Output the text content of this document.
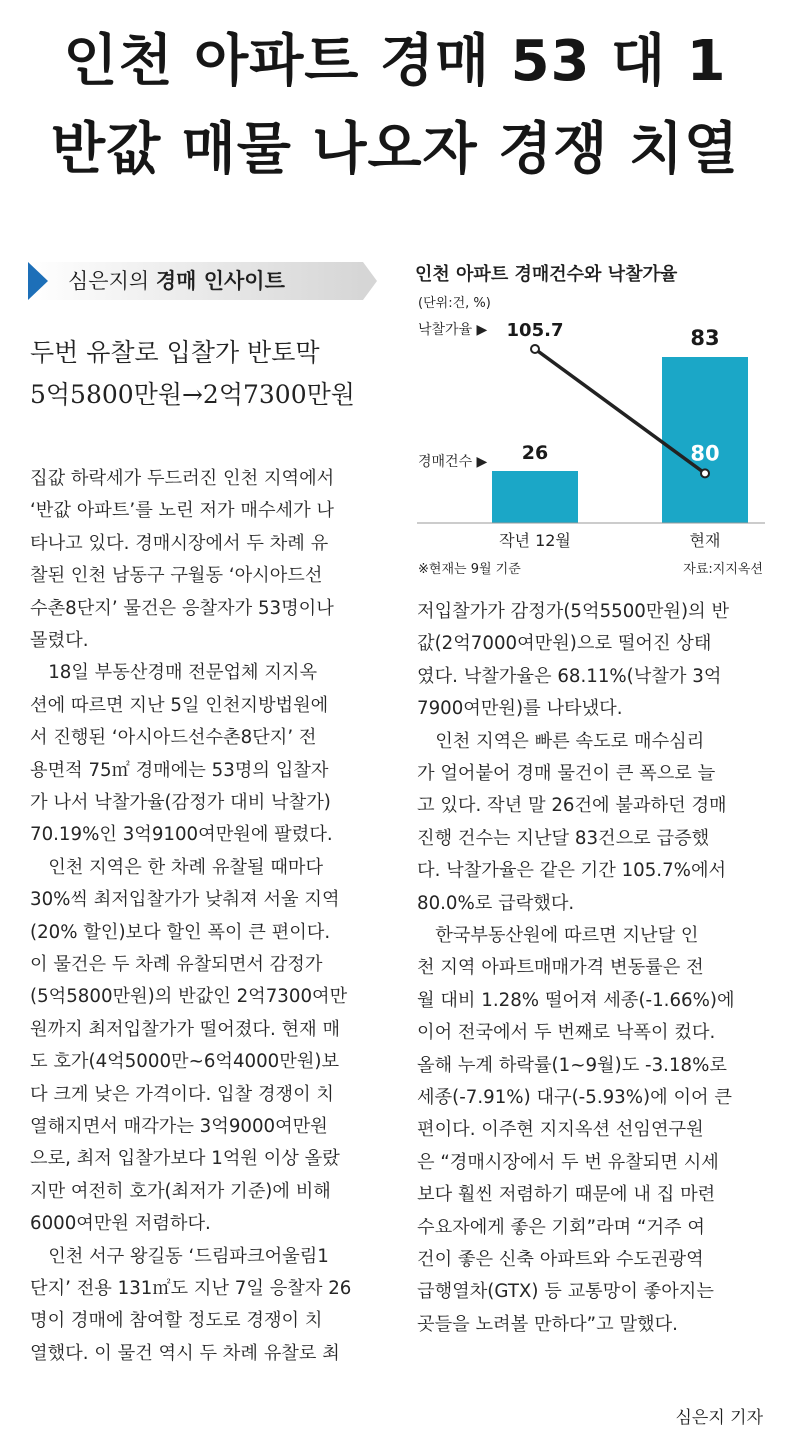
인천 아파트 경매 53 대 1
반값 매물 나오자 경쟁 치열
심은지의 경매 인사이트
두번 유찰로 입찰가 반토막
5억5800만원→2억7300만원
집값 하락세가 두드러진 인천 지역에서
‘반값 아파트’를 노린 저가 매수세가 나
타나고 있다. 경매시장에서 두 차례 유
찰된 인천 남동구 구월동 ‘아시아드선
수촌8단지’ 물건은 응찰자가 53명이나
몰렸다.
　18일 부동산경매 전문업체 지지옥
션에 따르면 지난 5일 인천지방법원에
서 진행된 ‘아시아드선수촌8단지’ 전
용면적 75㎡ 경매에는 53명의 입찰자
가 나서 낙찰가율(감정가 대비 낙찰가)
70.19%인 3억9100여만원에 팔렸다.
　인천 지역은 한 차례 유찰될 때마다
30%씩 최저입찰가가 낮춰져 서울 지역
(20% 할인)보다 할인 폭이 큰 편이다.
이 물건은 두 차례 유찰되면서 감정가
(5억5800만원)의 반값인 2억7300여만
원까지 최저입찰가가 떨어졌다. 현재 매
도 호가(4억5000만~6억4000만원)보
다 크게 낮은 가격이다. 입찰 경쟁이 치
열해지면서 매각가는 3억9000여만원
으로, 최저 입찰가보다 1억원 이상 올랐
지만 여전히 호가(최저가 기준)에 비해
6000여만원 저렴하다.
　인천 서구 왕길동 ‘드림파크어울림1
단지’ 전용 131㎡도 지난 7일 응찰자 26
명이 경매에 참여할 정도로 경쟁이 치
열했다. 이 물건 역시 두 차례 유찰로 최
저입찰가가 감정가(5억5500만원)의 반
값(2억7000여만원)으로 떨어진 상태
였다. 낙찰가율은 68.11%(낙찰가 3억
7900여만원)를 나타냈다.
　인천 지역은 빠른 속도로 매수심리
가 얼어붙어 경매 물건이 큰 폭으로 늘
고 있다. 작년 말 26건에 불과하던 경매
진행 건수는 지난달 83건으로 급증했
다. 낙찰가율은 같은 기간 105.7%에서
80.0%로 급락했다.
　한국부동산원에 따르면 지난달 인
천 지역 아파트매매가격 변동률은 전
월 대비 1.28% 떨어져 세종(-1.66%)에
이어 전국에서 두 번째로 낙폭이 컸다.
올해 누계 하락률(1~9월)도 -3.18%로
세종(-7.91%) 대구(-5.93%)에 이어 큰
편이다. 이주현 지지옥션 선임연구원
은 “경매시장에서 두 번 유찰되면 시세
보다 훨씬 저렴하기 때문에 내 집 마련
수요자에게 좋은 기회”라며 “거주 여
건이 좋은 신축 아파트와 수도권광역
급행열차(GTX) 등 교통망이 좋아지는
곳들을 노려볼 만하다”고 말했다.
인천 아파트 경매건수와 낙찰가율
(단위:건, %)
26
83
105.7
80
낙찰가율 ▶
경매건수 ▶
작년 12월	현재
※현재는 9월 기준	자료:지지옥션
심은지 기자
